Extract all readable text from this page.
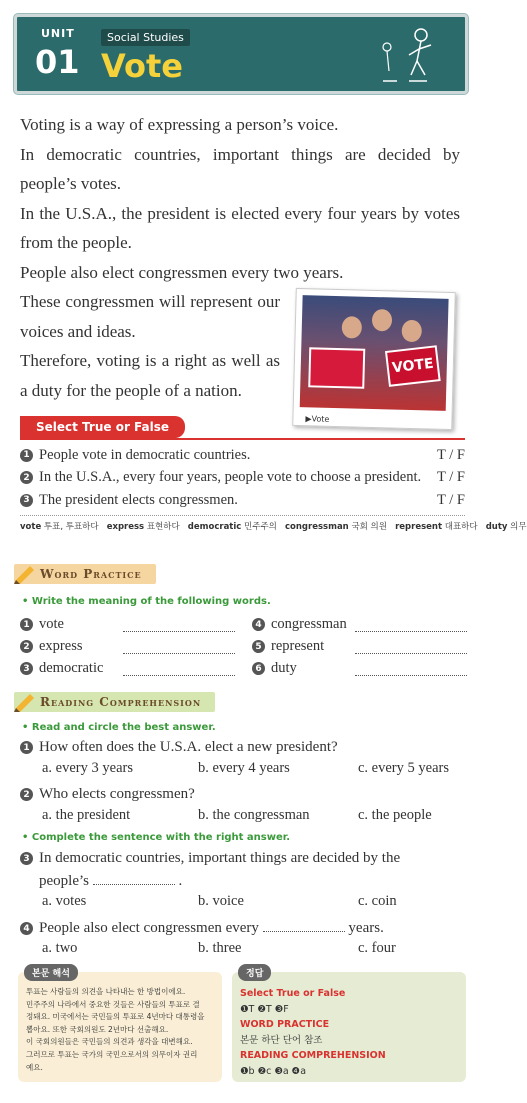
UNIT
01
Social Studies
Vote

Voting is a way of expressing a person’s voice.

In democratic countries, important things are decided by people’s votes.

In the U.S.A., the president is elected every four years by votes from the people.

People also elect congressmen every two years.

These congressmen will represent our voices and ideas.

Therefore, voting is a right as well as a duty for the people of a nation.

VOTE
▶Vote
Select True or False
1 People vote in democratic countries.	T / F
2 In the U.S.A., every four years, people vote to choose a president.	T / F
3 The president elects congressmen.	T / F
vote 투표, 투표하다 express 표현하다 democratic 민주주의 congressman 국회 의원 represent 대표하다 duty 의무
Word Practice
• Write the meaning of the following words.
1 vote	4 congressman
2 express	5 represent
3 democratic	6 duty
Reading Comprehension
• Read and circle the best answer.
1 How often does the U.S.A. elect a new president?
a. every 3 years	b. every 4 years	c. every 5 years
2 Who elects congressmen?
a. the president	b. the congressman	c. the people
• Complete the sentence with the right answer.
3 In democratic countries, important things are decided by the
people’s	.
a. votes	b. voice	c. coin
4 People also elect congressmen every	years.
a. two	b. three	c. four
본문 해석
투표는 사람들의 의견을 나타내는 한 방법이에요.
민주주의 나라에서 중요한 것들은 사람들의 투표로 결
정돼요. 미국에서는 국민들의 투표로 4년마다 대통령을
뽑아요. 또한 국회의원도 2년마다 선출해요.
이 국회의원들은 국민들의 의견과 생각을 대변해요.
그러므로 투표는 국가의 국민으로서의 의무이자 권리
예요.
정답
Select True or False
❶T ❷T ❸F
WORD PRACTICE
본문 하단 단어 참조
READING COMPREHENSION
❶b ❷c ❸a ❹a
